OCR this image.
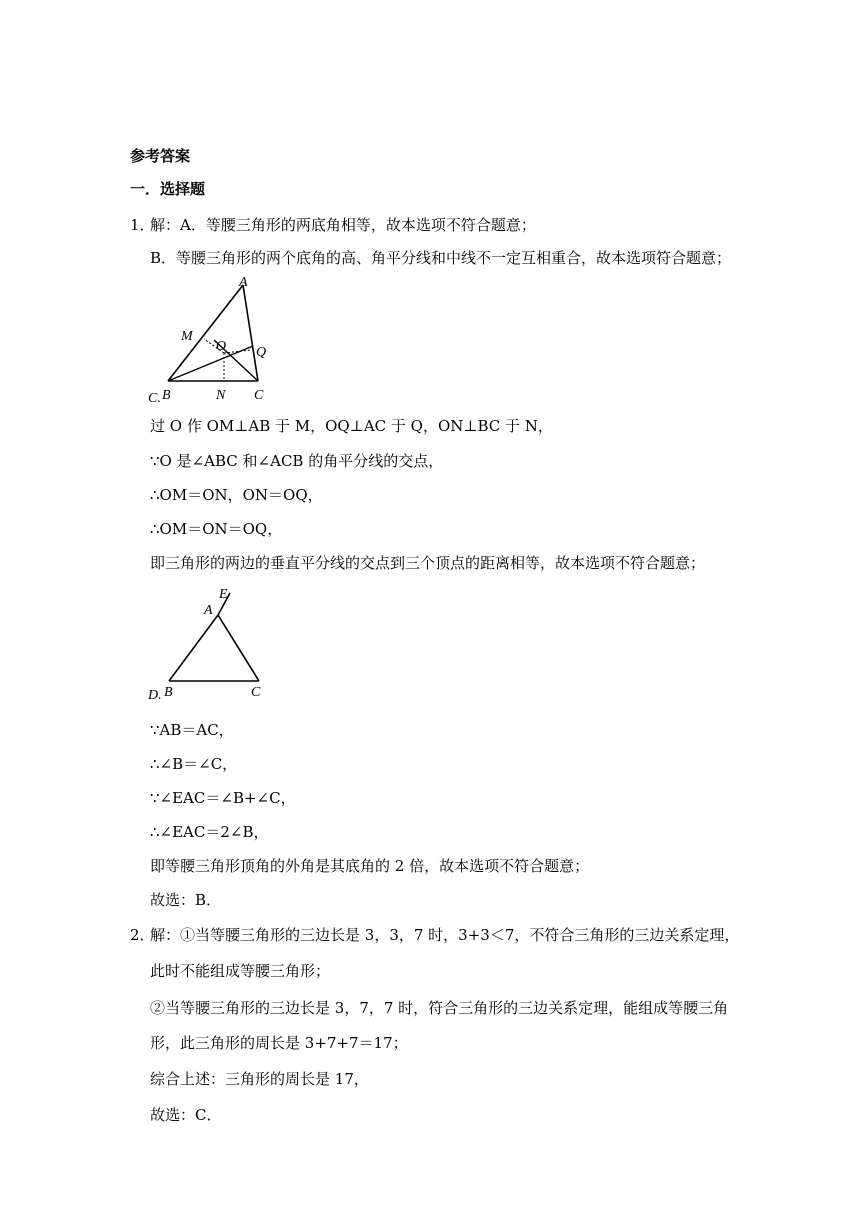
参考答案
一．选择题
1．
解：A．等腰三角形的两底角相等，故本选项不符合题意；
B．等腰三角形的两个底角的高、角平分线和中线不一定互相重合，故本选项符合题意；
C.
A
M
O Q
B	N C
过 O 作 OM⊥AB 于 M，OQ⊥AC 于 Q，ON⊥BC 于 N，
∵O 是∠ABC 和∠ACB 的角平分线的交点，
∴OM＝ON，ON＝OQ，
∴OM＝ON＝OQ，
即三角形的两边的垂直平分线的交点到三个顶点的距离相等，故本选项不符合题意；
D.
E
A
B	C
∵AB＝AC，
∴∠B＝∠C，
∵∠EAC＝∠B+∠C，
∴∠EAC＝2∠B，
即等腰三角形顶角的外角是其底角的 2 倍，故本选项不符合题意；
故选：B．
2．
解：①当等腰三角形的三边长是 3，3，7 时，3+3＜7，不符合三角形的三边关系定理，
此时不能组成等腰三角形；
②当等腰三角形的三边长是 3，7，7 时，符合三角形的三边关系定理，能组成等腰三角
形，此三角形的周长是 3+7+7＝17；
综合上述：三角形的周长是 17，
故选：C．
